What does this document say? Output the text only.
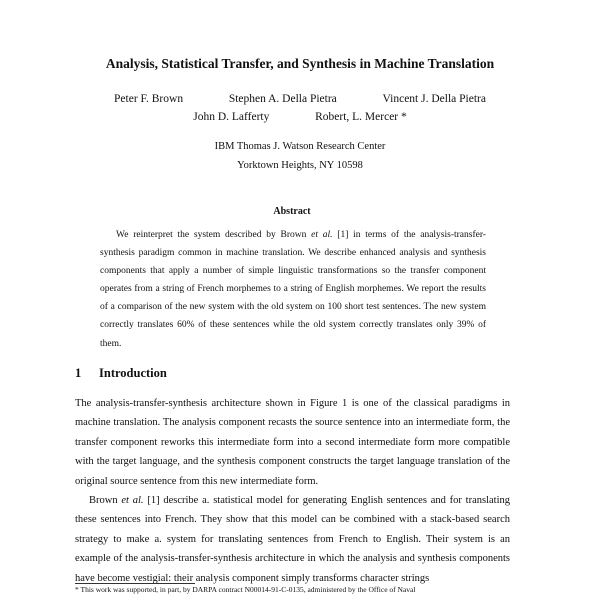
Analysis, Statistical Transfer, and Synthesis in Machine Translation
Peter F. Brown	Stephen A. Della Pietra	Vincent J. Della Pietra
John D. Lafferty	Robert, L. Mercer *
IBM Thomas J. Watson Research Center
Yorktown Heights, NY 10598
Abstract

We reinterpret the system described by Brown et al. [1] in terms of the analysis-transfer-synthesis paradigm common in machine translation. We describe enhanced analysis and synthesis components that apply a number of simple linguistic transformations so the transfer component operates from a string of French morphemes to a string of English morphemes. We report the results of a comparison of the new system with the old system on 100 short test sentences. The new system correctly translates 60% of these sentences while the old system correctly translates only 39% of them.

1 Introduction

The analysis-transfer-synthesis architecture shown in Figure 1 is one of the classical paradigms in machine translation. The analysis component recasts the source sentence into an intermediate form, the transfer component reworks this intermediate form into a second intermediate form more compatible with the target language, and the synthesis component constructs the target language translation of the original source sentence from this new intermediate form.

Brown et al. [1] describe a. statistical model for generating English sentences and for translating these sentences into French. They show that this model can be combined with a stack-based search strategy to make a. system for translating sentences from French to English. Their system is an example of the analysis-transfer-synthesis architecture in which the analysis and synthesis components have become vestigial: their analysis component simply transforms character strings

* This work was supported, in part, by DARPA contract N00014-91-C-0135, administered by the Office of Naval
